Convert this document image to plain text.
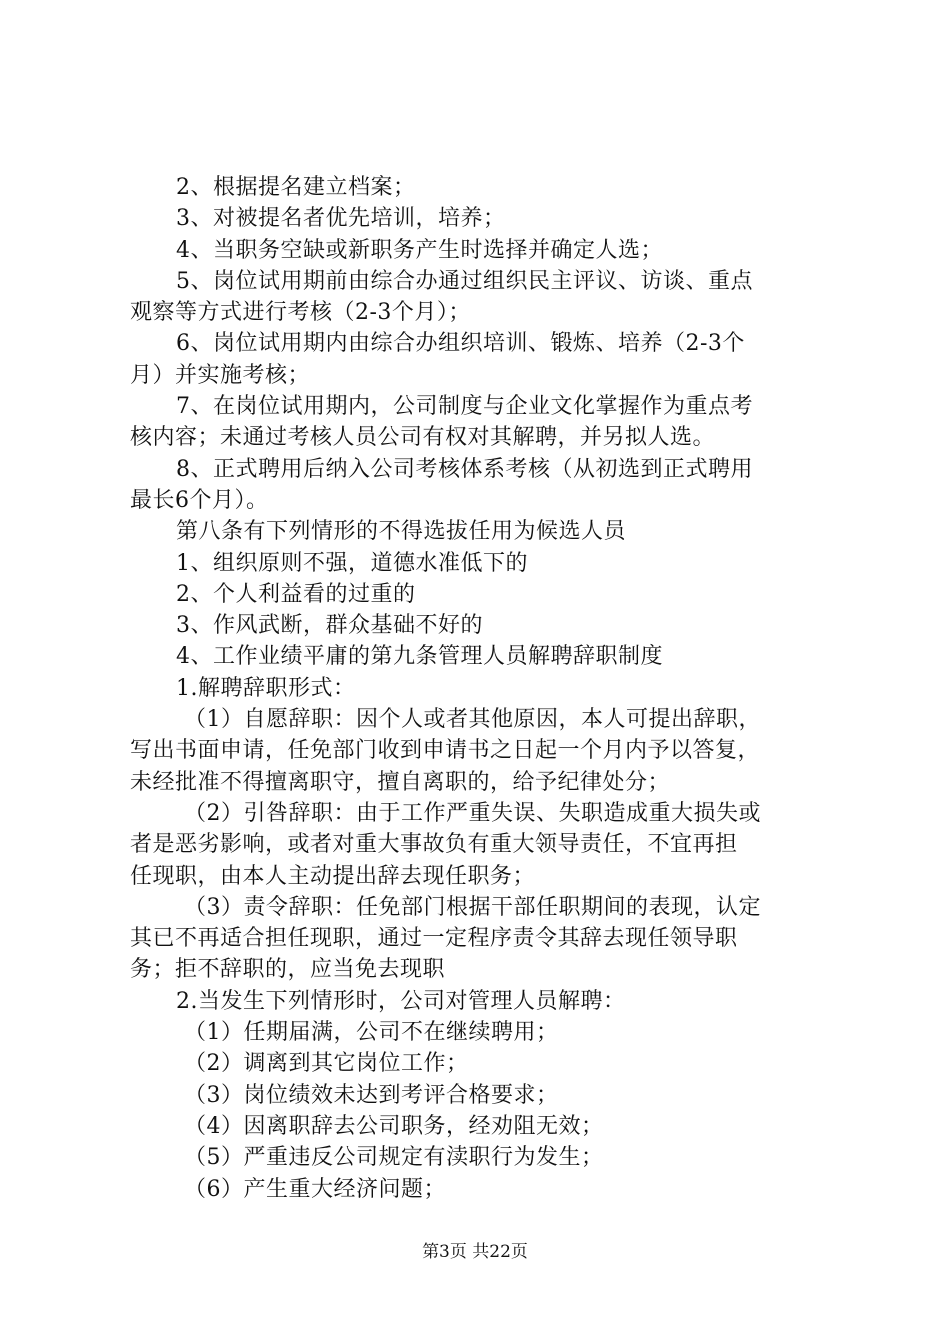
2、根据提名建立档案；
3、对被提名者优先培训，培养；
4、当职务空缺或新职务产生时选择并确定人选；
5、岗位试用期前由综合办通过组织民主评议、访谈、重点
观察等方式进行考核（2-3个月）；
6、岗位试用期内由综合办组织培训、锻炼、培养（2-3个
月）并实施考核；
7、在岗位试用期内，公司制度与企业文化掌握作为重点考
核内容；未通过考核人员公司有权对其解聘，并另拟人选。
8、正式聘用后纳入公司考核体系考核（从初选到正式聘用
最长6个月）。
第八条有下列情形的不得选拔任用为候选人员
1、组织原则不强，道德水准低下的
2、个人利益看的过重的
3、作风武断，群众基础不好的
4、工作业绩平庸的第九条管理人员解聘辞职制度
1.解聘辞职形式：
（1）自愿辞职：因个人或者其他原因，本人可提出辞职，
写出书面申请，任免部门收到申请书之日起一个月内予以答复，
未经批准不得擅离职守，擅自离职的，给予纪律处分；
（2）引咎辞职：由于工作严重失误、失职造成重大损失或
者是恶劣影响，或者对重大事故负有重大领导责任，不宜再担
任现职，由本人主动提出辞去现任职务；
（3）责令辞职：任免部门根据干部任职期间的表现，认定
其已不再适合担任现职，通过一定程序责令其辞去现任领导职
务；拒不辞职的，应当免去现职
2.当发生下列情形时，公司对管理人员解聘：
（1）任期届满，公司不在继续聘用；
（2）调离到其它岗位工作；
（3）岗位绩效未达到考评合格要求；
（4）因离职辞去公司职务，经劝阻无效；
（5）严重违反公司规定有渎职行为发生；
（6）产生重大经济问题；
第3页 共22页
